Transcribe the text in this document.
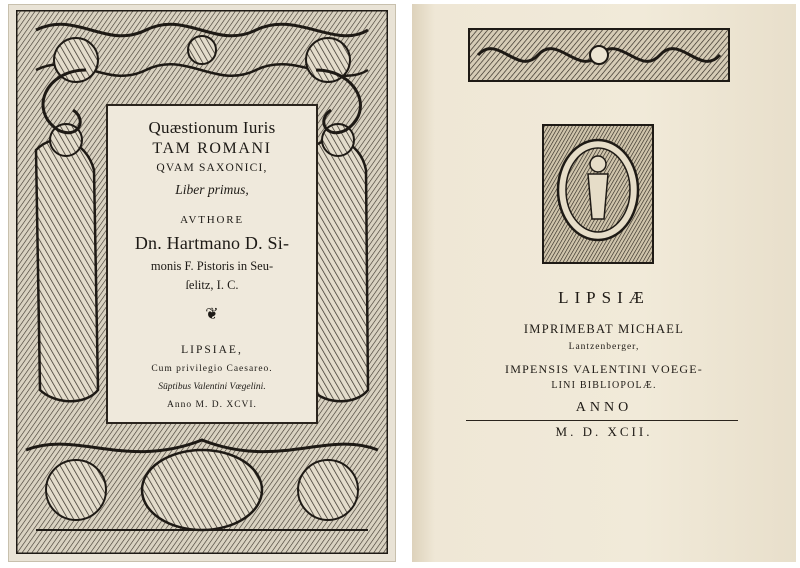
Quæstionum Iuris
TAM ROMANI
QVAM SAXONICI,
Liber primus,
AVTHORE
Dn. Hartmano D. Si-
monis F. Pistoris in Seu-
ſelitz, I. C.
❦
LIPSIAE,
Cum privilegio Caesareo.
Sūptibus Valentini Vœgelini.
Anno M. D. XCVI.
LIPSIÆ
IMPRIMEBAT MICHAEL
Lantzenberger,
IMPENSIS VALENTINI VOEGE-
LINI BIBLIOPOLÆ.
ANNO
M. D. XCII.
